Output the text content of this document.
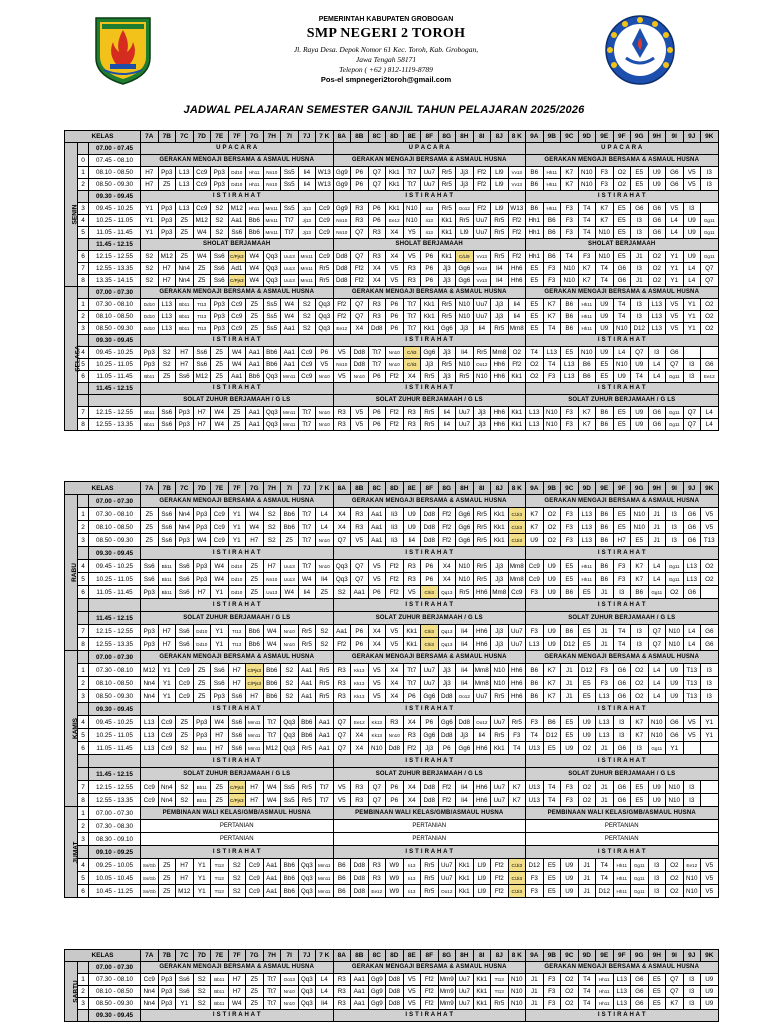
PEMERINTAH KABUPATEN GROBOGAN
SMP NEGERI 2 TOROH
Jl. Raya Desa. Depok Nomor 61 Kec. Toroh, Kab. Grobogan,
Jawa Tengah 58171
Telepon ( +62 ) 812-1119-8789
Pos-el smpnegeri2toroh@gmail.com
JADWAL PELAJARAN SEMESTER GANJIL TAHUN PELAJARAN 2025/2026
KELAS			7A	7B	7C	7D	7E	7F	7G	7H	7I	7J	7 K	8A	8B	8C	8D	8E	8F	8G	8H	8I	8J	8 K	9A	9B	9C	9D	9E	9F	9G	9H	9I	9J	9K
SENIN		07.00 - 07.45	U P A C A R A											U P A C A R A											U P A C A R A										
	0	07.45 - 08.10	GERAKAN MENGAJI BERSAMA & ASMAUL HUSNA											GERAKAN MENGAJI BERSAMA & ASMAUL HUSNA											GERAKAN MENGAJI BERSAMA & ASMAUL HUSNA										
	1	08.10 - 08.50	H7	Pp3	L13	Cc9	Pp3	Dd10	Hh11	Nn10	Ss5	Ii4	W13	Gg9	P6	Q7	Kk1	Tt7	Uu7	Rr5	Jj3	Ff2	Ll9	Vv13	B6	Hh11	K7	N10	F3	O2	E5	U9	G6	V5	I3
	2	08.50 - 09.30	H7	Z5	L13	Cc9	Pp3	Dd10	Hh11	Nn10	Ss5	Ii4	W13	Gg9	P6	Q7	Kk1	Tt7	Uu7	Rr5	Jj3	Ff2	Ll9	Vv13	B6	Hh11	K7	N10	F3	O2	E5	U9	G6	V5	I3
		09.30 - 09.45	I S T I R A H A T											I S T I R A H A T											I S T I R A H A T										
	3	09.45 - 10.25	Y1	Pp3	L13	Cc9	S2	M12	Hh11	Mm11	Ss5	Jj13	Cc9	Gg9	R3	P6	Kk1	N10	Ii13	Rr5	Oo12	Ff2	Ll9	W13	B6	Hh11	F3	T4	K7	E5	G6	G6	V5	I3	
	4	10.25 - 11.05	Y1	Pp3	Z5	M12	S2	Aa1	Bb6	Mm11	Tt7	Jj13	Cc9	Nn10	R3	P6	Ee12	N10	Ii13	Kk1	Rr5	Uu7	Rr5	Ff2	Hh1	B6	F3	T4	K7	E5	I3	G6	L4	U9	Gg11
	5	11.05 - 11.45	Y1	Pp3	Z5	W4	S2	Ss6	Bb6	Mm11	Tt7	Jj13	Cc9	Nn10	Q7	R3	X4	Y5	Ii13	Kk1	Ll9	Uu7	Rr5	Ff2	Hh1	B6	F3	T4	N10	E5	I3	G6	L4	U9	Gg11
		11.45 - 12.15	SHOLAT BERJAMAAH											SHOLAT BERJAMAAH											SHOLAT BERJAMAAH										
	6	12.15 - 12.55	S2	M12	Z5	W4	Ss6	C/Pjs3	W4	Qq3	Uu13	Mm11	Cc9	Dd8	Q7	R3	X4	V5	P6	Kk1	C/Ll9	Vv13	Rr5	Ff2	Hh1	B6	T4	F3	N10	E5	J1	O2	Y1	U9	Gg11
	7	12.55 - 13.35	S2	H7	Nn4	Z5	Ss6	Ad1	W4	Qq3	Uu13	Mm11	Rr5	Dd8	Ff2	X4	V5	R3	P6	Jj3	Gg6	Vv13	Ii4	Hh6	E5	F3	N10	K7	T4	G6	I3	O2	Y1	L4	Q7
	8	13.35 - 14.15	S2	H7	Nn4	Z5	Ss6	C/Pjs3	W4	Qq3	Uu13	Mm11	Rr5	Dd8	Ff2	X4	V5	R3	P6	Jj3	Gg6	Vv13	Ii4	Hh6	E5	F3	N10	K7	T4	G6	J1	O2	Y1	L4	Q7
SELASA		07.00 - 07.30	GERAKAN MENGAJI BERSAMA & ASMAUL HUSNA											GERAKAN MENGAJI BERSAMA & ASMAUL HUSNA											GERAKAN MENGAJI BERSAMA & ASMAUL HUSNA										
	1	07.30 - 08.10	Dd10	L13	Bb11	Tt13	Pp3	Cc9	Z5	Ss5	W4	S2	Qq3	Ff2	Q7	R3	P6	Tt7	Kk1	Rr5	N10	Uu7	Jj3	Ii4	E5	K7	B6	Hh11	U9	T4	I3	L13	V5	Y1	O2
	2	08.10 - 08.50	Dd10	L13	Bb11	Tt13	Pp3	Cc9	Z5	Ss5	W4	S2	Qq3	Ff2	Q7	R3	P6	Tt7	Kk1	Rr5	N10	Uu7	Jj3	Ii4	E5	K7	B6	Hh11	U9	T4	I3	L13	V5	Y1	O2
	3	08.50 - 09.30	Dd10	L13	Bb11	Tt13	Pp3	Cc9	Z5	Ss5	Aa1	S2	Qq3	Ee12	X4	Dd8	P6	Tt7	Kk1	Gg6	Jj3	Ii4	Rr5	Mm8	E5	T4	B6	Hh11	U9	N10	D12	L13	V5	Y1	O2
		09.30 - 09.45	I S T I R A H A T											I S T I R A H A T											I S T I R A H A T										
	4	09.45 - 10.25	Pp3	S2	H7	Ss6	Z5	W4	Aa1	Bb6	Aa1	Cc9	P6	V5	Dd8	Tt7	Nn10	C/Ii3	Gg6	Jj3	Ii4	Rr5	Mm8	O2	T4	L13	E5	N10	U9	L4	Q7	I3	G6		
	5	10.25 - 11.05	Pp3	S2	H7	Ss6	Z5	W4	Aa1	Bb6	Aa1	Cc9	V5	Nn10	Dd8	Tt7	Nn10	C/Ii3	Jj3	Rr5	N10	Oo12	Hh6	Ff2	O2	T4	L13	B6	E5	N10	U9	L4	Q7	I3	G6
	6	11.05 - 11.45	Bb11	Z5	Ss6	M12	Z5	Aa1	Bb6	Qq3	Mm11	Cc9	Nn10	V5	Nn10	P6	Ff2	X4	Rr5	Jj3	Rr5	N10	Hh6	Kk1	O2	F3	L13	B6	E5	U9	T4	L4	Gg11	I3	Ee12
		11.45 - 12.15	I S T I R A H A T											I S T I R A H A T											I S T I R A H A T										
			SOLAT ZUHUR BERJAMAAH / G LS											SOLAT ZUHUR BERJAMAAH / G LS											SOLAT ZUHUR BERJAMAAH / G LS										
	7	12.15 - 12.55	Bb11	Ss6	Pp3	H7	W4	Z5	Aa1	Qq3	Mm11	Tt7	Nn10	R3	V5	P6	Ff2	R3	Rr5	Ii4	Uu7	Jj3	Hh6	Kk1	L13	N10	F3	K7	B6	E5	U9	G6	Gg11	Q7	L4
	8	12.55 - 13.35	Bb11	Ss6	Pp3	H7	W4	Z5	Aa1	Qq3	Mm11	Tt7	Nn10	R3	V5	P6	Ff2	R3	Rr5	Ii4	Uu7	Jj3	Hh6	Kk1	L13	N10	F3	K7	B6	E5	U9	G6	Gg11	Q7	L4
KELAS			7A	7B	7C	7D	7E	7F	7G	7H	7I	7J	7 K	8A	8B	8C	8D	8E	8F	8G	8H	8I	8J	8 K	9A	9B	9C	9D	9E	9F	9G	9H	9I	9J	9K
RABU		07.00 - 07.30	GERAKAN MENGAJI BERSAMA & ASMAUL HUSNA											GERAKAN MENGAJI BERSAMA & ASMAUL HUSNA											GERAKAN MENGAJI BERSAMA & ASMAUL HUSNA										
	1	07.30 - 08.10	Z5	Ss6	Nn4	Pp3	Cc9	Y1	W4	S2	Bb6	Tt7	L4	X4	R3	Aa1	Ii3	U9	Dd8	Ff2	Gg6	Rr5	Kk1	C/Ji3	K7	O2	F3	L13	B6	E5	N10	J1	I3	G6	V5
	2	08.10 - 08.50	Z5	Ss6	Nn4	Pp3	Cc9	Y1	W4	S2	Bb6	Tt7	L4	X4	R3	Aa1	Ii3	U9	Dd8	Ff2	Gg6	Rr5	Kk1	C/Ji3	K7	O2	F3	L13	B6	E5	N10	J1	I3	G6	V5
	3	08.50 - 09.30	Z5	Ss6	Pp3	W4	Cc9	Y1	H7	S2	Z5	Tt7	Nn10	Q7	V5	Aa1	Ii3	Ii4	Dd8	Ff2	Gg6	Rr5	Kk1	C/Ji3	U9	O2	F3	L13	B6	H7	E5	J1	I3	G6	T13
		09.30 - 09.45	I S T I R A H A T											I S T I R A H A T											I S T I R A H A T										
	4	09.45 - 10.25	Ss6	Bb11	Ss6	Pp3	W4	Dd10	Z5	H7	Uu13	Tt7	Nn10	Qq3	Q7	V5	Ff2	R3	P6	X4	N10	Rr5	Jj3	Mm8	Cc9	U9	E5	Hh11	B6	F3	K7	L4	Gg11	L13	O2
	5	10.25 - 11.05	Ss6	Bb11	Ss6	Pp3	W4	Dd10	Z5	Nn10	Uu13	W4	Ii4	Qq3	Q7	V5	Ff2	R3	P6	X4	N10	Rr5	Jj3	Mm8	Cc9	U9	E5	Hh11	B6	F3	K7	L4	Gg11	L13	O2
	6	11.05 - 11.45	Pp3	Bb11	Ss6	H7	Y1	Dd10	Z5	Uu13	W4	Ii4	Z5	S2	Aa1	P6	Ff2	V5	C/Ii3	Qq13	Rr5	Hh6	Mm8	Cc9	F3	U9	B6	E5	J1	I3	B6	Gg11	O2	G6	
			I S T I R A H A T											I S T I R A H A T											I S T I R A H A T										
		11.45 - 12.15	SOLAT ZUHUR BERJAMAAH / G LS											SOLAT ZUHUR BERJAMAAH / G LS											SOLAT ZUHUR BERJAMAAH / G LS										
	7	12.15 - 12.55	Pp3	H7	Ss6	Dd10	Y1	Tt13	Bb6	W4	Nn10	Rr5	S2	Aa1	P6	X4	V5	Kk1	C/Ii3	Qq13	Ii4	Hh6	Jj3	Uu7	F3	U9	B6	E5	J1	T4	I3	Q7	N10	L4	G6
	8	12.55 - 13.35	Pp3	H7	Ss6	Dd10	Y1	Tt13	Bb6	W4	Nn10	Rr5	S2	Ff2	P6	X4	V5	Kk1	C/Ii3	Qq13	Ii4	Hh6	Jj3	Uu7	L13	U9	D12	E5	J1	T4	I3	Q7	N10	L4	G6
KAMIS		07.00 - 07.30	GERAKAN MENGAJI BERSAMA & ASMAUL HUSNA											GERAKAN MENGAJI BERSAMA & ASMAUL HUSNA											GERAKAN MENGAJI BERSAMA & ASMAUL HUSNA										
	1	07.30 - 08.10	M12	Y1	Cc9	Z5	Ss6	H7	C/Pjs3	Bb6	S2	Aa1	Rr5	R3	Kk13	V5	X4	Tt7	Uu7	Jj3	Ii4	Mm8	N10	Hh6	B6	K7	J1	D12	F3	G6	O2	L4	U9	T13	I3
	2	08.10 - 08.50	Nn4	Y1	Cc9	Z5	Ss6	H7	C/Pjs3	Bb6	S2	Aa1	Rr5	R3	Kk13	V5	X4	Tt7	Uu7	Jj3	Ii4	Mm8	N10	Hh6	B6	K7	J1	E5	F3	G6	O2	L4	U9	T13	I3
	3	08.50 - 09.30	Nn4	Y1	Cc9	Z5	Pp3	Ss6	H7	Bb6	S2	Aa1	Rr5	R3	Kk13	V5	X4	P6	Gg6	Dd8	Oo12	Uu7	Rr5	Hh6	B6	K7	J1	E5	L13	G6	O2	L4	U9	T13	I3
		09.30 - 09.45	I S T I R A H A T											I S T I R A H A T											I S T I R A H A T										
	4	09.45 - 10.25	L13	Cc9	Z5	Pp3	W4	Ss6	Mm11	Tt7	Qq3	Bb6	Aa1	Q7	Ee12	Kk13	R3	X4	P6	Gg6	Dd8	Oo12	Uu7	Rr5	F3	B6	E5	U9	L13	I3	K7	N10	G6	V5	Y1
	5	10.25 - 11.05	L13	Cc9	Z5	Pp3	H7	Ss6	Mm11	Tt7	Qq3	Bb6	Aa1	Q7	X4	Kk13	Nn10	R3	Gg6	Dd8	Jj3	Ii4	Rr5	F3	T4	D12	E5	U9	L13	I3	K7	N10	G6	V5	Y1
	6	11.05 - 11.45	L13	Cc9	S2	Bb11	H7	Ss6	Mm11	M12	Qq3	Rr5	Aa1	Q7	X4	N10	Dd8	Ff2	Jj3	P6	Gg6	Hh6	Kk1	T4	U13	E5	U9	O2	J1	G6	I3	Gg11	Y1		
			I S T I R A H A T											I S T I R A H A T											I S T I R A H A T										
		11.45 - 12.15	SOLAT ZUHUR BERJAMAAH / G LS											SOLAT ZUHUR BERJAMAAH / G LS											SOLAT ZUHUR BERJAMAAH / G LS										
	7	12.15 - 12.55	Cc9	Nn4	S2	Bb11	Z5	C/Pjs3	H7	W4	Ss5	Rr5	Tt7	V5	R3	Q7	P6	X4	Dd8	Ff2	Ii4	Hh6	Uu7	K7	U13	T4	F3	O2	J1	G6	E5	U9	N10	I3	
	8	12.55 - 13.35	Cc9	Nn4	S2	Bb11	Z5	C/Pjs3	H7	W4	Ss5	Rr5	Tt7	V5	R3	Q7	P6	X4	Dd8	Ff2	Ii4	Hh6	Uu7	K7	U13	T4	F3	O2	J1	G6	E5	U9	N10	I3	
JUMAT	1	07.00 - 07.30	PEMBINAAN WALI KELAS/GMB/ASMAUL HUSNA											PEMBINAAN WALI KELAS/GMB/ASMAUL HUSNA											PEMBINAAN WALI KELAS/GMB/ASMAUL HUSNA										
	2	07.30 - 08.30	PERTANIAN											PERTANIAN											PERTANIAN										
	3	08.30 - 09.10	PERTANIAN											PERTANIAN											PERTANIAN										
		09.10 - 09.25	I S T I R A H A T											I S T I R A H A T											I S T I R A H A T										
	4	09.25 - 10.05	Ss/Gb	Z5	H7	Y1	Tt13	S2	Cc9	Aa1	Bb6	Qq3	Mm11	B6	Dd8	R3	W9	Ii13	Rr5	Uu7	Kk1	Ll9	Ff2	C/Ji3	D12	E5	U9	J1	T4	Hh11	Gg11	I3	O2	Ee12	V5
	5	10.05 - 10.45	Ss/Gb	Z5	H7	Y1	Tt13	S2	Cc9	Aa1	Bb6	Qq3	Mm11	B6	Dd8	R3	W9	Ii13	Rr5	Uu7	Kk1	Ll9	Ff2	C/Ji3	F3	E5	U9	J1	T4	Hh11	Gg11	I3	O2	N10	V5
	6	10.45 - 11.25	Ss/Gb	Z5	M12	Y1	Tt13	S2	Cc9	Aa1	Bb6	Qq3	Mm11	B6	Dd8	Ee12	W9	Ii13	Rr5	Oo12	Kk1	Ll9	Ff2	C/Ji3	F3	E5	U9	J1	D12	Hh11	Gg11	I3	O2	N10	V5
KELAS			7A	7B	7C	7D	7E	7F	7G	7H	7I	7J	7 K	8A	8B	8C	8D	8E	8F	8G	8H	8I	8J	8 K	9A	9B	9C	9D	9E	9F	9G	9H	9I	9J	9K
SABTU		07.00 - 07.30	GERAKAN MENGAJI BERSAMA & ASMAUL HUSNA											GERAKAN MENGAJI BERSAMA & ASMAUL HUSNA											GERAKAN MENGAJI BERSAMA & ASMAUL HUSNA										
	1	07.30 - 08.10	Cc9	Pp3	Ss6	S2	Bb11	H7	Z5	Tt7	Oo13	Qq3	L4	R3	Aa1	Gg9	Dd8	V5	Ff2	Mm9	Uu7	Kk1	Tt13	N10	J1	F3	O2	T4	Hh11	L13	G6	E5	Q7	I3	U9
	2	08.10 - 08.50	Nn4	Pp3	Ss6	S2	Bb11	H7	Z5	Tt7	Nn10	Qq3	L4	R3	Aa1	Gg9	Dd8	V5	Ff2	Mm9	Uu7	Kk1	Tt13	N10	J1	F3	O2	T4	Hh11	L13	G6	E5	Q7	I3	U9
	3	08.50 - 09.30	Nn4	Pp3	Y1	S2	Bb11	W4	Z5	Tt7	Nn10	Qq3	Ii4	R3	Aa1	Gg9	Dd8	V5	Ff2	Mm9	Uu7	Kk1	Rr5	N10	J1	F3	O2	T4	Hh11	L13	G6	E5	K7	I3	U9
		09.30 - 09.45	I S T I R A H A T											I S T I R A H A T											I S T I R A H A T										
